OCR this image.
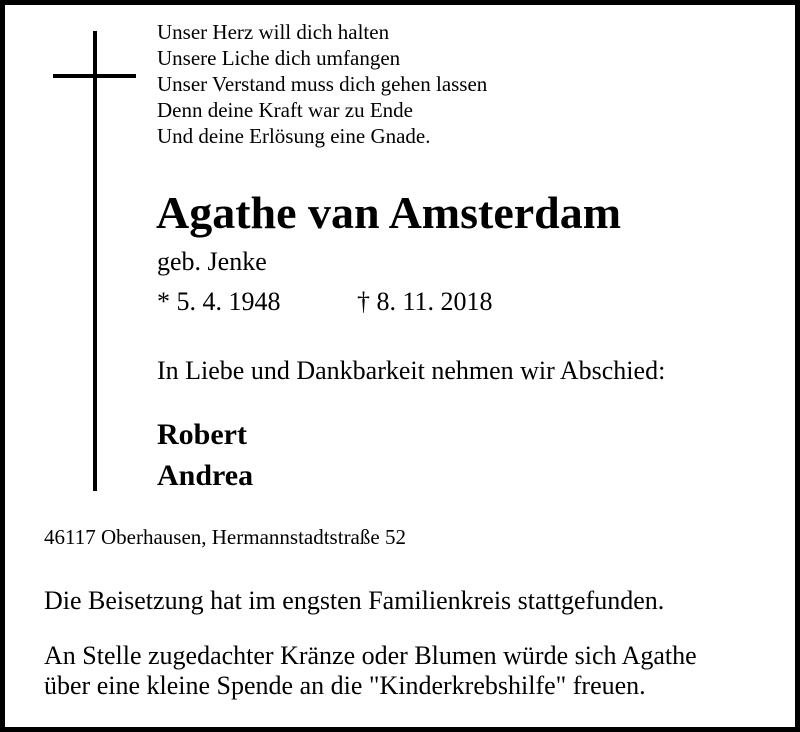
Unser Herz will dich halten
Unsere Liche dich umfangen
Unser Verstand muss dich gehen lassen
Denn deine Kraft war zu Ende
Und deine Erlösung eine Gnade.
Agathe van Amsterdam
geb. Jenke
* 5. 4. 1948	† 8. 11. 2018
In Liebe und Dankbarkeit nehmen wir Abschied:
Robert
Andrea
46117 Oberhausen, Hermannstadtstraße 52
Die Beisetzung hat im engsten Familienkreis stattgefunden.
An Stelle zugedachter Kränze oder Blumen würde sich Agathe
über eine kleine Spende an die "Kinderkrebshilfe" freuen.
